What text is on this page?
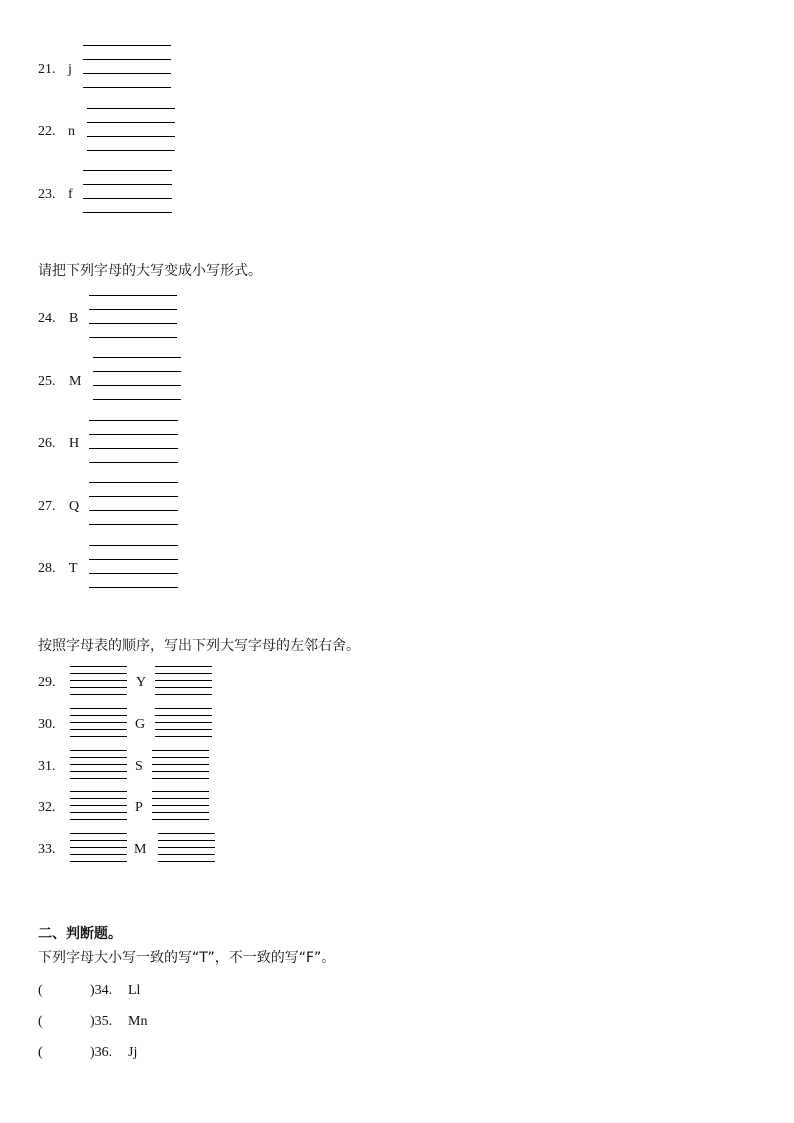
21. j
22. n
23. f
请把下列字母的大写变成小写形式。
24. B
25. M
26. H
27. Q
28. T
按照字母表的顺序，写出下列大写字母的左邻右舍。
29.	Y
30.	G
31.	S
32.	P
33.	M
二、判断题。
下列字母大小写一致的写“T”，不一致的写“F”。
(	)34. Ll
(	)35. Mn
(	)36. Jj
